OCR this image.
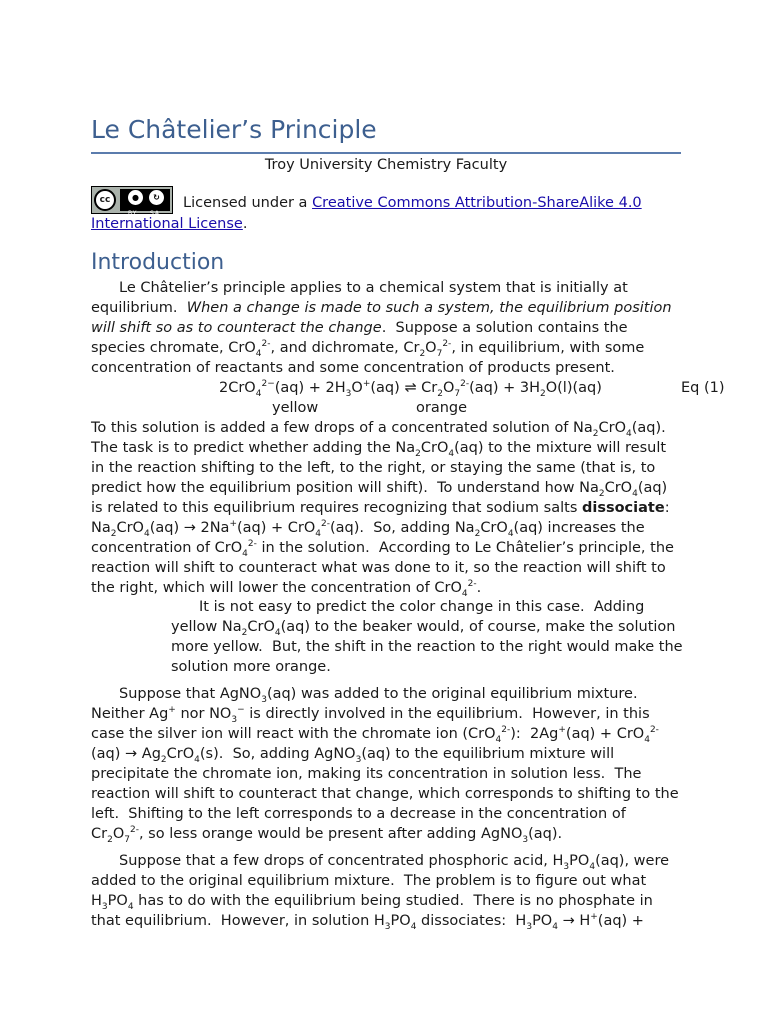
Le Châtelier’s Principle
Troy University Chemistry Faculty
cc	●	↻
BY SA
Licensed under a Creative Commons Attribution-ShareAlike 4.0 International License.
Introduction

Le Châtelier’s principle applies to a chemical system that is initially at equilibrium.  When a change is made to such a system, the equilibrium position will shift so as to counteract the change.  Suppose a solution contains the species chromate, CrO$_4^{2-}$, and dichromate, $Cr_2O_7^{2-}$, in equilibrium, with some concentration of reactants and some concentration of products present.

$2CrO_4^{2-}(aq) + 2H_3O^+(aq)$ ⇌ $Cr_2O_7^{2-}(aq) + 3H_2O(l)(aq)$	Eq (1)
yellow	orange

To this solution is added a few drops of a concentrated solution of $Na_2CrO_4(aq)$.  The task is to predict whether adding the $Na_2CrO_4(aq)$ to the mixture will result in the reaction shifting to the left, to the right, or staying the same (that is, to predict how the equilibrium position will shift).  To understand how $Na_2CrO_4(aq)$ is related to this equilibrium requires recognizing that sodium salts dissociate: $Na_2CrO_4(aq) \to 2Na^+(aq) + CrO_4^{2-}(aq)$.  So, adding $Na_2CrO_4(aq)$ increases the concentration of CrO$_4^{2-}$ in the solution.  According to Le Châtelier’s principle, the reaction will shift to counteract what was done to it, so the reaction will shift to the right, which will lower the concentration of CrO$_4^{2-}$.

It is not easy to predict the color change in this case.  Adding yellow $Na_2CrO_4(aq)$ to the beaker would, of course, make the solution more yellow.  But, the shift in the reaction to the right would make the solution more orange.

Suppose that AgNO$_3$(aq) was added to the original equilibrium mixture.  Neither Ag+ nor $NO_3^-$ is directly involved in the equilibrium.  However, in this case the silver ion will react with the chromate ion (CrO$_4^{2-}$):  $2Ag^+(aq) + CrO_4^{2-}(aq) \to Ag_2CrO_4(s)$.  So, adding AgNO$_3$(aq) to the equilibrium mixture will precipitate the chromate ion, making its concentration in solution less.  The reaction will shift to counteract that change, which corresponds to shifting to the left.  Shifting to the left corresponds to a decrease in the concentration of $Cr_2O_7^{2-}$, so less orange would be present after adding AgNO$_3$(aq).

Suppose that a few drops of concentrated phosphoric acid, $H_3PO_4(aq)$, were added to the original equilibrium mixture.  The problem is to figure out what $H_3PO_4$ has to do with the equilibrium being studied.  There is no phosphate in that equilibrium.  However, in solution $H_3PO_4$ dissociates:  $H_3PO_4 \to H^+(aq)$ +
